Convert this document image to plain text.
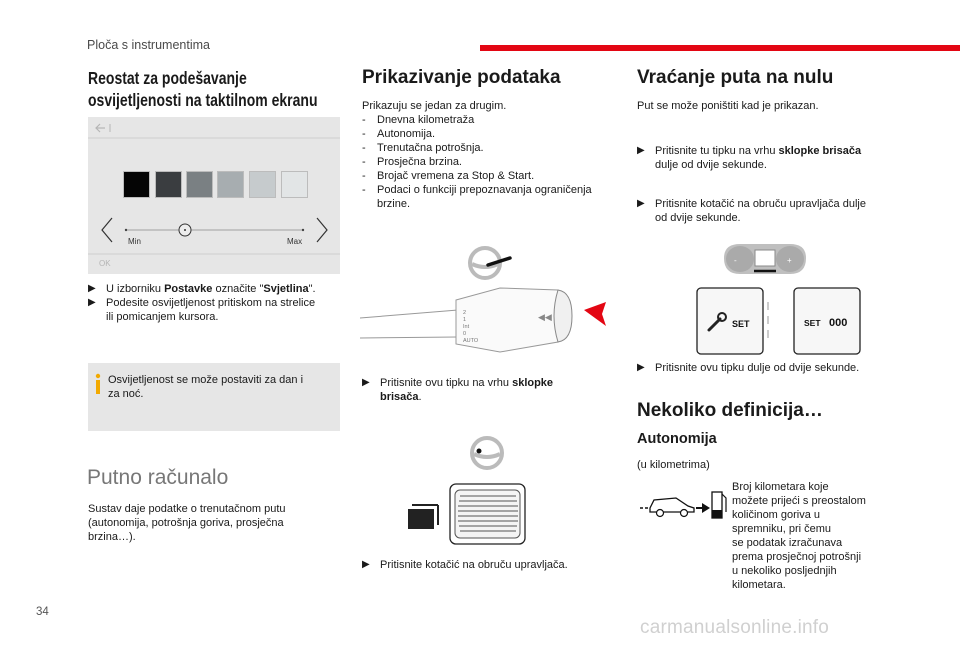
Ploča s instrumentima
Reostat za podešavanje
osvijetljenosti na taktilnom ekranu
Min	Max
OK
▶ U izborniku Postavke označite "Svjetlina".
▶ Podesite osvijetljenost pritiskom na strelice
ili pomicanjem kursora.
Osvijetljenost se može postaviti za dan i
za noć.
Putno računalo
Sustav daje podatke o trenutačnom putu
(autonomija, potrošnja goriva, prosječna
brzina…).
Prikazivanje podataka
Prikazuju se jedan za drugim.
-	Dnevna kilometraža
-	Autonomija.
-	Trenutačna potrošnja.
-	Prosječna brzina.
-	Brojač vremena za Stop & Start.
-	Podaci o funkciji prepoznavanja ograničenja
brzine.
2
1
Int
0
AUTO
◀◀
▶ Pritisnite ovu tipku na vrhu sklopke
brisača.
▶ Pritisnite kotačić na obruču upravljača.
Vraćanje puta na nulu
Put se može poništiti kad je prikazan.
▶ Pritisnite tu tipku na vrhu sklopke brisača
dulje od dvije sekunde.
▶ Pritisnite kotačić na obruču upravljača dulje
od dvije sekunde.
-	+
SET	SET 000
▶ Pritisnite ovu tipku dulje od dvije sekunde.
Nekoliko definicija…
Autonomija
(u kilometrima)
Broj kilometara koje
možete prijeći s preostalom
količinom goriva u
spremniku, pri čemu
se podatak izračunava
prema prosječnoj potrošnji
u nekoliko posljednjih
kilometara.
34
carmanualsonline.info
